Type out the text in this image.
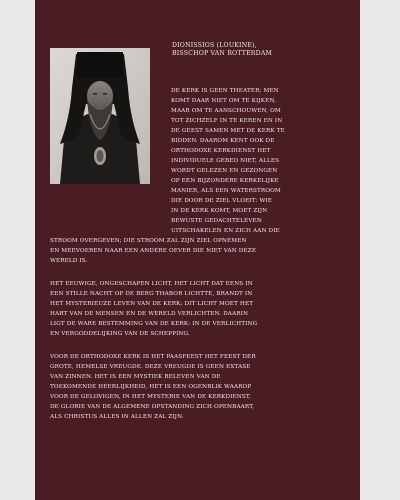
DIONISSIOS (LOUKINE),
BISSCHOP VAN ROTTERDAM
DE KERK IS GEEN THEATER; MEN
KOMT DAAR NIET OM TE KIJKEN,
MAAR OM TE AANSCHOUWEN, OM
TOT ZICHZELF IN TE KEREN EN IN
DE GEEST SAMEN MET DE KERK TE
BIDDEN. DAAROM KENT OOK DE
ORTHODOXE KERKDIENST HET
INDIVIDUELE GEBED NIET, ALLES
WORDT GELEZEN EN GEZONGEN
OP EEN BIJZONDERE KERKELIJKE
MANIER, ALS EEN WATERSTROOM
DIE DOOR DE ZIEL VLOEIT: WIE
IN DE KERK KOMT, MOET ZIJN
BEWUSTE GEDACHTELEVEN
UITSCHAKELEN EN ZICH AAN DIE
STROOM OVERGEVEN; DIE STROOM ZAL ZIJN ZIEL OPNEMEN
EN MEEVOEREN NAAR EEN ANDERE OEVER DIE NIET VAN DEZE
WERELD IS.
HET EEUWIGE, ONGESCHAPEN LICHT, HET LICHT DAT EENS IN
EEN STILLE NACHT OP DE BERG THABOR LICHTTE, BRANDT IN
HET MYSTERIEUZE LEVEN VAN DE KERK; DIT LICHT MOET HET
HART VAN DE MENSEN EN DE WERELD VERLICHTEN. DAARIN
LIGT DE WARE BESTEMMING VAN DE KERK: IN DE VERLICHTING
EN VERGODDELIJKING VAN DE SCHEPPING.
VOOR DE ORTHODOXE KERK IS HET PAASFEEST HET FEEST DER
GROTE, HEMELSE VREUGDE. DEZE VREUGDE IS GEEN EXTASE
VAN ZINNEN. HET IS EEN MYSTIEK BELEVEN VAN DE
TOEKOMENDE HEERLIJKHEID, HET IS EEN OGENBLIK WAAROP
VOOR DE GELOVIGEN, IN HET MYSTERIE VAN DE KERKDIENST,
DE GLORIE VAN DE ALGEMENE OPSTANDING ZICH OPENBAART,
ALS CHRISTUS ALLES IN ALLEN ZAL ZIJN.
